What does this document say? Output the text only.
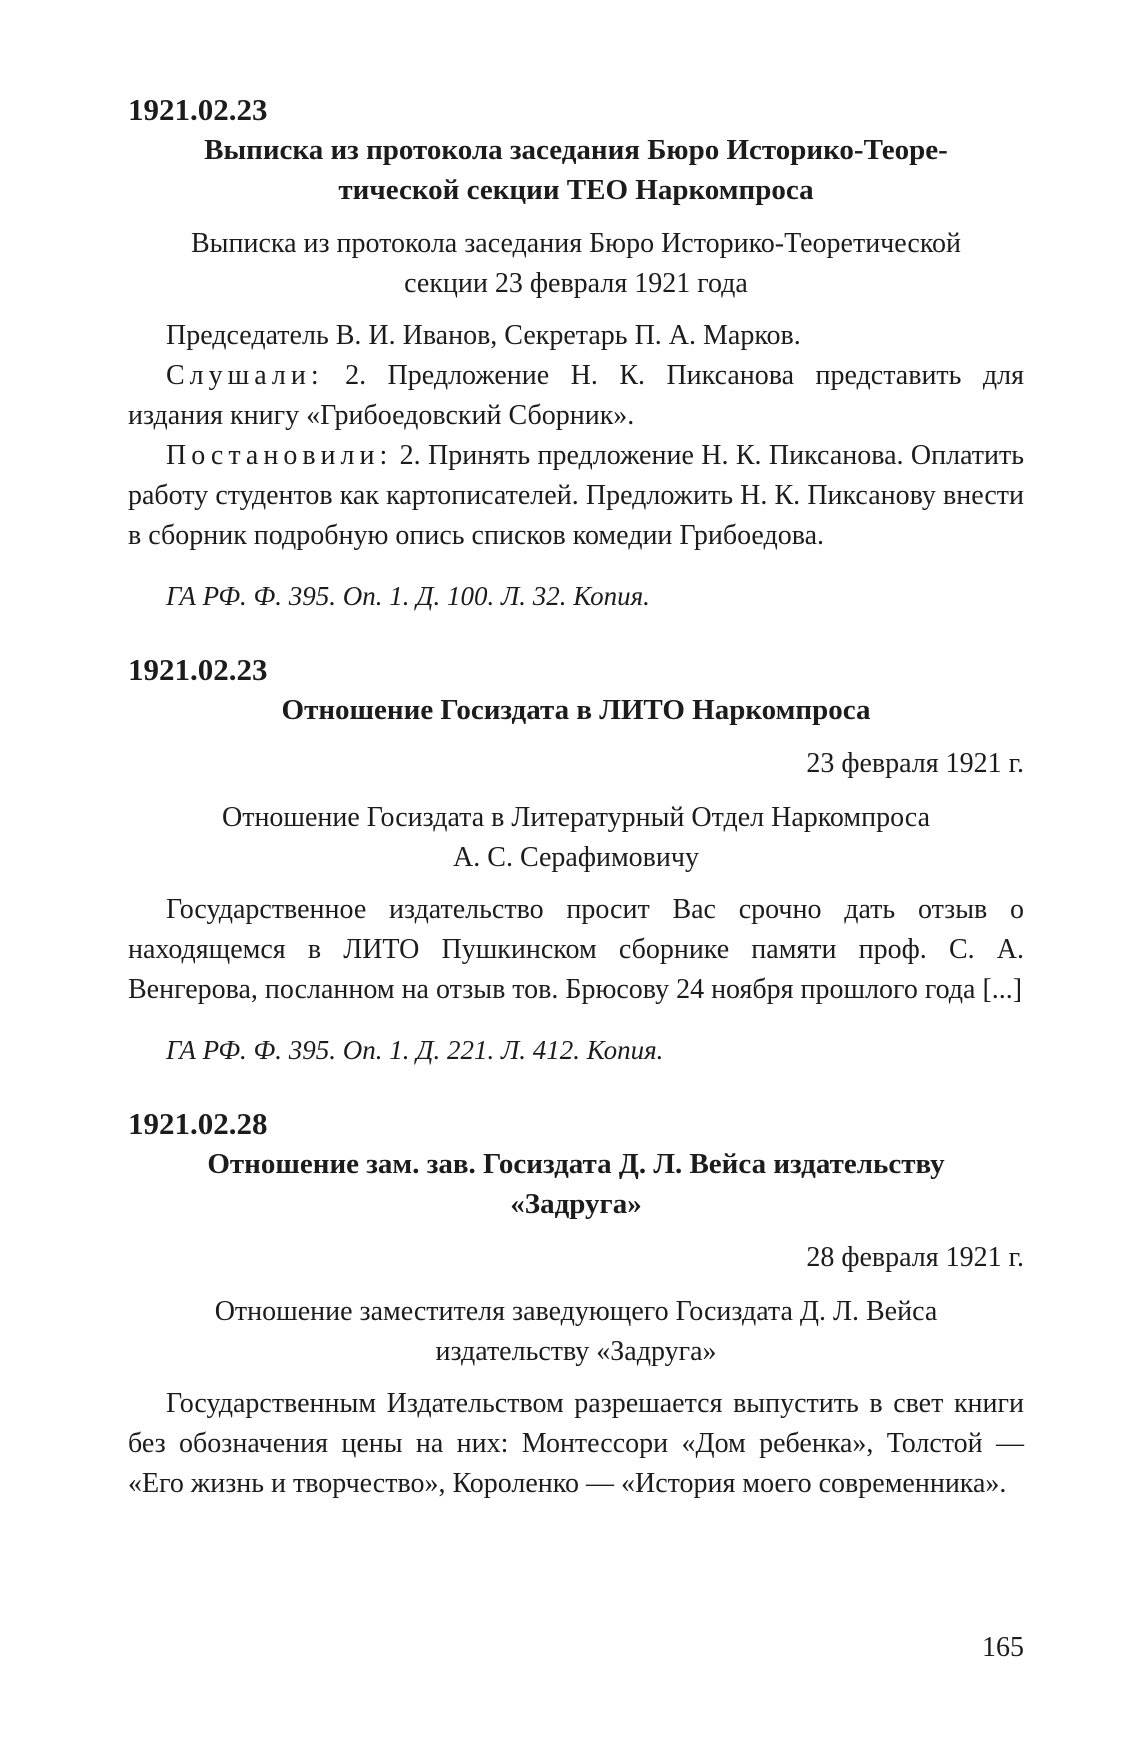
1921.02.23

Выписка из протокола заседания Бюро Историко-Теоре-
тической секции ТЕО Наркомпроса

Выписка из протокола заседания Бюро Историко-Теоретической
секции 23 февраля 1921 года

Председатель В. И. Иванов, Секретарь П. А. Марков.

Слушали: 2. Предложение Н. К. Пиксанова представить для издания книгу «Грибоедовский Сборник».

Постановили: 2. Принять предложение Н. К. Пиксанова. Оплатить работу студентов как картописателей. Предложить Н. К. Пиксанову внести в сборник подробную опись списков комедии Грибоедова.

ГА РФ. Ф. 395. Оп. 1. Д. 100. Л. 32. Копия.

1921.02.23

Отношение Госиздата в ЛИТО Наркомпроса

23 февраля 1921 г.

Отношение Госиздата в Литературный Отдел Наркомпроса
А. С. Серафимовичу

Государственное издательство просит Вас срочно дать отзыв о находящемся в ЛИТО Пушкинском сборнике памяти проф. С. А. Венгерова, посланном на отзыв тов. Брюсову 24 ноября прошлого года [...]

ГА РФ. Ф. 395. Оп. 1. Д. 221. Л. 412. Копия.

1921.02.28

Отношение зам. зав. Госиздата Д. Л. Вейса издательству
«Задруга»

28 февраля 1921 г.

Отношение заместителя заведующего Госиздата Д. Л. Вейса
издательству «Задруга»

Государственным Издательством разрешается выпустить в свет книги без обозначения цены на них: Монтессори «Дом ребенка», Толстой — «Его жизнь и творчество», Короленко — «История моего современника».

165
